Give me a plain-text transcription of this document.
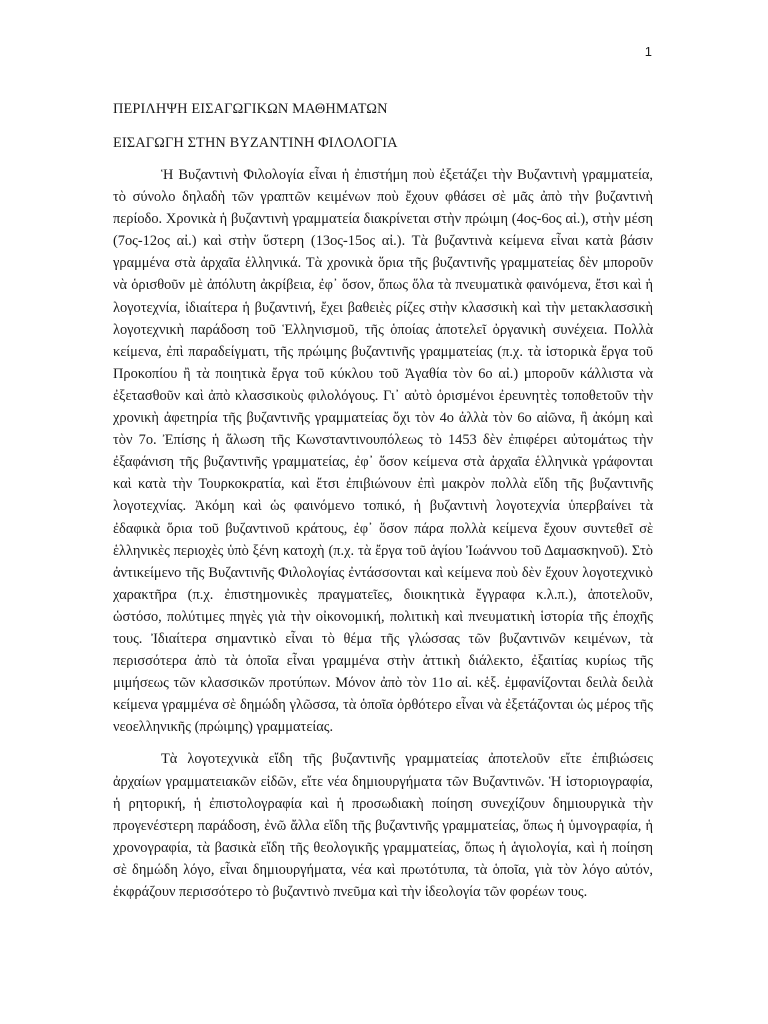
1
ΠΕΡΙΛΗΨΗ ΕΙΣΑΓΩΓΙΚΩΝ ΜΑΘΗΜΑΤΩΝ
ΕΙΣΑΓΩΓΗ ΣΤΗΝ ΒΥΖΑΝΤΙΝΗ ΦΙΛΟΛΟΓΙΑ

Ἡ Βυζαντινὴ Φιλολογία εἶναι ἡ ἐπιστήμη ποὺ ἐξετάζει τὴν Βυζαντινὴ γραμματεία, τὸ σύνολο δηλαδὴ τῶν γραπτῶν κειμένων ποὺ ἔχουν φθάσει σὲ μᾶς ἀπὸ τὴν βυζαντινὴ περίοδο. Χρονικὰ ἡ βυζαντινὴ γραμματεία διακρίνεται στὴν πρώιμη (4ος-6ος αἰ.), στὴν μέση (7ος-12ος αἰ.) καὶ στὴν ὕστερη (13ος-15ος αἰ.). Τὰ βυζαντινὰ κείμενα εἶναι κατὰ βάσιν γραμμένα στὰ ἀρχαῖα ἑλληνικά. Τὰ χρονικὰ ὅρια τῆς βυζαντινῆς γραμματείας δὲν μποροῦν νὰ ὁρισθοῦν μὲ ἀπόλυτη ἀκρίβεια, ἐφ᾽ ὅσον, ὅπως ὅλα τὰ πνευματικὰ φαινόμενα, ἔτσι καὶ ἡ λογοτεχνία, ἰδιαίτερα ἡ βυζαντινή, ἔχει βαθειὲς ρίζες στὴν κλασσικὴ καὶ τὴν μετακλασσικὴ λογοτεχνικὴ παράδοση τοῦ Ἑλληνισμοῦ, τῆς ὁποίας ἀποτελεῖ ὀργανικὴ συνέχεια. Πολλὰ κείμενα, ἐπὶ παραδείγματι, τῆς πρώιμης βυζαντινῆς γραμματείας (π.χ. τὰ ἱστορικὰ ἔργα τοῦ Προκοπίου ἢ τὰ ποιητικὰ ἔργα τοῦ κύκλου τοῦ Ἀγαθία τὸν 6ο αἰ.) μποροῦν κάλλιστα νὰ ἐξετασθοῦν καὶ ἀπὸ κλασσικοὺς φιλολόγους. Γι᾽ αὐτὸ ὁρισμένοι ἐρευνητὲς τοποθετοῦν τὴν χρονικὴ ἀφετηρία τῆς βυζαντινῆς γραμματείας ὄχι τὸν 4ο ἀλλὰ τὸν 6ο αἰῶνα, ἢ ἀκόμη καὶ τὸν 7ο. Ἐπίσης ἡ ἅλωση τῆς Κωνσταντινουπόλεως τὸ 1453 δὲν ἐπιφέρει αὐτομάτως τὴν ἐξαφάνιση τῆς βυζαντινῆς γραμματείας, ἐφ᾽ ὅσον κείμενα στὰ ἀρχαῖα ἑλληνικὰ γράφονται καὶ κατὰ τὴν Τουρκοκρατία, καὶ ἔτσι ἐπιβιώνουν ἐπὶ μακρὸν πολλὰ εἴδη τῆς βυζαντινῆς λογοτεχνίας. Ἀκόμη καὶ ὡς φαινόμενο τοπικό, ἡ βυζαντινὴ λογοτεχνία ὑπερβαίνει τὰ ἐδαφικὰ ὅρια τοῦ βυζαντινοῦ κράτους, ἐφ᾽ ὅσον πάρα πολλὰ κείμενα ἔχουν συντεθεῖ σὲ ἑλληνικὲς περιοχὲς ὑπὸ ξένη κατοχὴ (π.χ. τὰ ἔργα τοῦ ἁγίου Ἰωάννου τοῦ Δαμασκηνοῦ). Στὸ ἀντικείμενο τῆς Βυζαντινῆς Φιλολογίας ἐντάσσονται καὶ κείμενα ποὺ δὲν ἔχουν λογοτεχνικὸ χαρακτῆρα (π.χ. ἐπιστημονικὲς πραγματεῖες, διοικητικὰ ἔγγραφα κ.λ.π.), ἀποτελοῦν, ὡστόσο, πολύτιμες πηγὲς γιὰ τὴν οἰκονομική, πολιτικὴ καὶ πνευματικὴ ἱστορία τῆς ἐποχῆς τους. Ἰδιαίτερα σημαντικὸ εἶναι τὸ θέμα τῆς γλώσσας τῶν βυζαντινῶν κειμένων, τὰ περισσότερα ἀπὸ τὰ ὁποῖα εἶναι γραμμένα στὴν ἀττικὴ διάλεκτο, ἐξαιτίας κυρίως τῆς μιμήσεως τῶν κλασσικῶν προτύπων. Μόνον ἀπὸ τὸν 11ο αἰ. κἑξ. ἐμφανίζονται δειλὰ δειλὰ κείμενα γραμμένα σὲ δημώδη γλῶσσα, τὰ ὁποῖα ὀρθότερο εἶναι νὰ ἐξετάζονται ὡς μέρος τῆς νεοελληνικῆς (πρώιμης) γραμματείας.

Τὰ λογοτεχνικὰ εἴδη τῆς βυζαντινῆς γραμματείας ἀποτελοῦν εἴτε ἐπιβιώσεις ἀρχαίων γραμματειακῶν εἰδῶν, εἴτε νέα δημιουργήματα τῶν Βυζαντινῶν. Ἡ ἱστοριογραφία, ἡ ρητορική, ἡ ἐπιστολογραφία καὶ ἡ προσωδιακὴ ποίηση συνεχίζουν δημιουργικὰ τὴν προγενέστερη παράδοση, ἐνῶ ἄλλα εἴδη τῆς βυζαντινῆς γραμματείας, ὅπως ἡ ὑμνογραφία, ἡ χρονογραφία, τὰ βασικὰ εἴδη τῆς θεολογικῆς γραμματείας, ὅπως ἡ ἁγιολογία, καὶ ἡ ποίηση σὲ δημώδη λόγο, εἶναι δημιουργήματα, νέα καὶ πρωτότυπα, τὰ ὁποῖα, γιὰ τὸν λόγο αὐτόν, ἐκφράζουν περισσότερο τὸ βυζαντινὸ πνεῦμα καὶ τὴν ἰδεολογία τῶν φορέων τους.
